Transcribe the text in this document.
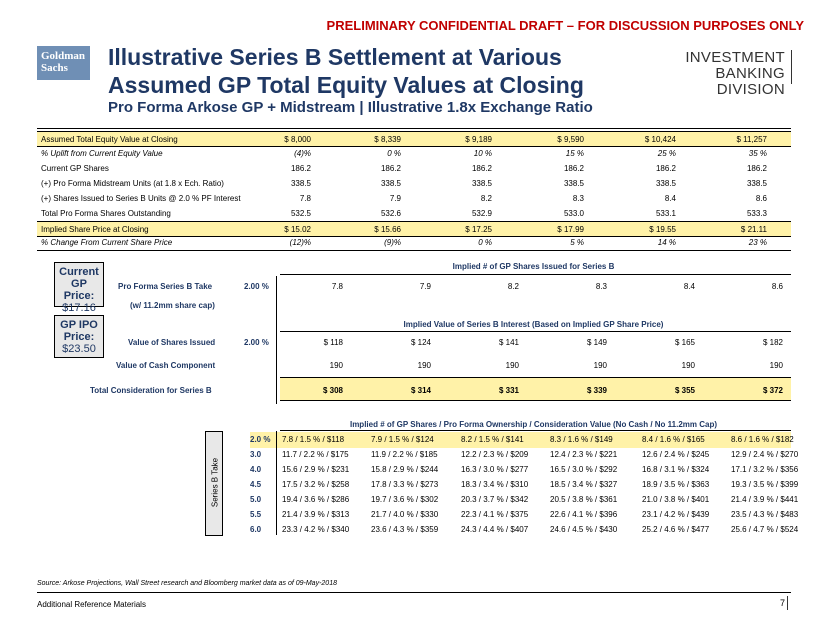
PRELIMINARY CONFIDENTIAL DRAFT – FOR DISCUSSION PURPOSES ONLY
Goldman
Sachs	Illustrative Series B Settlement at Various Assumed GP Total Equity Values at Closing
Pro Forma Arkose GP + Midstream | Illustrative 1.8x Exchange Ratio
INVESTMENT BANKING
DIVISION
Assumed Total Equity Value at Closing	$ 8,000	$ 8,339	$ 9,189	$ 9,590	$ 10,424	$ 11,257
% Uplift from Current Equity Value	(4)%	0 %	10 %	15 %	25 %	35 %
Current GP Shares	186.2	186.2	186.2	186.2	186.2	186.2
(+) Pro Forma Midstream Units (at 1.8 x Ech. Ratio)	338.5	338.5	338.5	338.5	338.5	338.5
(+) Shares Issued to Series B Units @ 2.0 % PF Interest	7.8	7.9	8.2	8.3	8.4	8.6
Total Pro Forma Shares Outstanding	532.5	532.6	532.9	533.0	533.1	533.3
Implied Share Price at Closing	$ 15.02	$ 15.66	$ 17.25	$ 17.99	$ 19.55	$ 21.11
% Change From Current Share Price	(12)%	(9)%	0 %	5 %	14 %	23 %
Current GP Price:
$17.16
GP IPO Price:
$23.50
Implied # of GP Shares Issued for Series B
Pro Forma Series B Take	2.00 %	7.8	7.9	8.2	8.3	8.4	8.6
(w/ 11.2mm share cap)
Implied Value of Series B Interest (Based on Implied GP Share Price)
Value of Shares Issued	2.00 %	$ 118	$ 124	$ 141	$ 149	$ 165	$ 182
Value of Cash Component	190	190	190	190	190	190
Total Consideration for Series B	$ 308	$ 314	$ 331	$ 339	$ 355	$ 372
Implied # of GP Shares / Pro Forma Ownership / Consideration Value (No Cash / No 11.2mm Cap)
Series B Take
2.0 % 7.8 / 1.5 % / $118	7.9 / 1.5 % / $124	8.2 / 1.5 % / $141	8.3 / 1.6 % / $149	8.4 / 1.6 % / $165	8.6 / 1.6 % / $182
3.0	11.7 / 2.2 % / $175	11.9 / 2.2 % / $185	12.2 / 2.3 % / $209	12.4 / 2.3 % / $221	12.6 / 2.4 % / $245	12.9 / 2.4 % / $270
4.0	15.6 / 2.9 % / $231	15.8 / 2.9 % / $244	16.3 / 3.0 % / $277	16.5 / 3.0 % / $292	16.8 / 3.1 % / $324	17.1 / 3.2 % / $356
4.5	17.5 / 3.2 % / $258	17.8 / 3.3 % / $273	18.3 / 3.4 % / $310	18.5 / 3.4 % / $327	18.9 / 3.5 % / $363	19.3 / 3.5 % / $399
5.0	19.4 / 3.6 % / $286	19.7 / 3.6 % / $302	20.3 / 3.7 % / $342	20.5 / 3.8 % / $361	21.0 / 3.8 % / $401	21.4 / 3.9 % / $441
5.5	21.4 / 3.9 % / $313	21.7 / 4.0 % / $330	22.3 / 4.1 % / $375	22.6 / 4.1 % / $396	23.1 / 4.2 % / $439	23.5 / 4.3 % / $483
6.0	23.3 / 4.2 % / $340	23.6 / 4.3 % / $359	24.3 / 4.4 % / $407	24.6 / 4.5 % / $430	25.2 / 4.6 % / $477	25.6 / 4.7 % / $524
Source: Arkose Projections, Wall Street research and Bloomberg market data as of 09-May-2018
Additional Reference Materials	7
